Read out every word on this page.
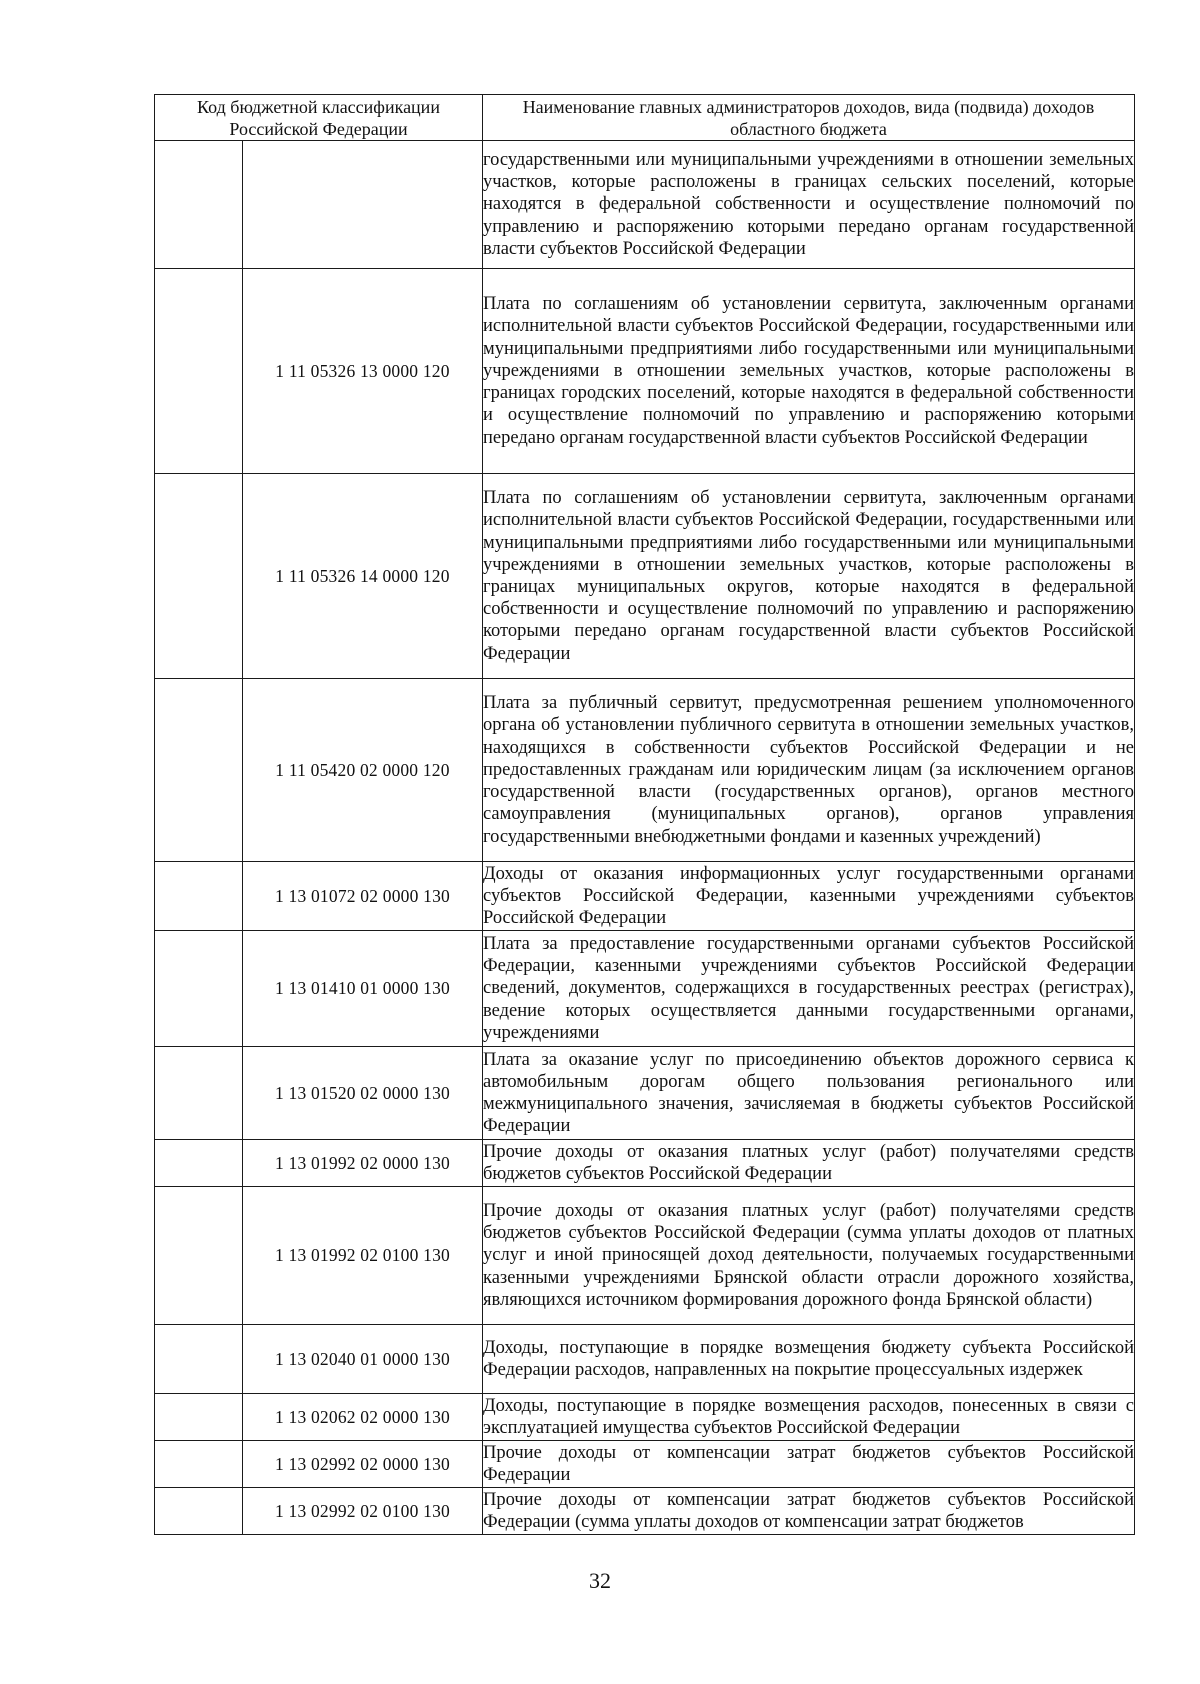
Код бюджетной классификации Российской Федерации		Наименование главных администраторов доходов, вида (подвида) доходов областного бюджета
		государственными или муниципальными учреждениями в отношении земельных участков, которые расположены в границах сельских поселений, которые находятся в федеральной собственности и осуществление полномочий по управлению и распоряжению которыми передано органам государственной власти субъектов Российской Федерации
	1 11 05326 13 0000 120	Плата по соглашениям об установлении сервитута, заключенным органами исполнительной власти субъектов Российской Федерации, государственными или муниципальными предприятиями либо государственными или муниципальными учреждениями в отношении земельных участков, которые расположены в границах городских поселений, которые находятся в федеральной собственности и осуществление полномочий по управлению и распоряжению которыми передано органам государственной власти субъектов Российской Федерации
	1 11 05326 14 0000 120	Плата по соглашениям об установлении сервитута, заключенным органами исполнительной власти субъектов Российской Федерации, государственными или муниципальными предприятиями либо государственными или муниципальными учреждениями в отношении земельных участков, которые расположены в границах муниципальных округов, которые находятся в федеральной собственности и осуществление полномочий по управлению и распоряжению которыми передано органам государственной власти субъектов Российской Федерации
	1 11 05420 02 0000 120	Плата за публичный сервитут, предусмотренная решением уполномоченного органа об установлении публичного сервитута в отношении земельных участков, находящихся в собственности субъектов Российской Федерации и не предоставленных гражданам или юридическим лицам (за исключением органов государственной власти (государственных органов), органов местного самоуправления (муниципальных органов), органов управления государственными внебюджетными фондами и казенных учреждений)
	1 13 01072 02 0000 130	Доходы от оказания информационных услуг государственными органами субъектов Российской Федерации, казенными учреждениями субъектов Российской Федерации
	1 13 01410 01 0000 130	Плата за предоставление государственными органами субъектов Российской Федерации, казенными учреждениями субъектов Российской Федерации сведений, документов, содержащихся в государственных реестрах (регистрах), ведение которых осуществляется данными государственными органами, учреждениями
	1 13 01520 02 0000 130	Плата за оказание услуг по присоединению объектов дорожного сервиса к автомобильным дорогам общего пользования регионального или межмуниципального значения, зачисляемая в бюджеты субъектов Российской Федерации
	1 13 01992 02 0000 130	Прочие доходы от оказания платных услуг (работ) получателями средств бюджетов субъектов Российской Федерации
	1 13 01992 02 0100 130	Прочие доходы от оказания платных услуг (работ) получателями средств бюджетов субъектов Российской Федерации (сумма уплаты доходов от платных услуг и иной приносящей доход деятельности, получаемых государственными казенными учреждениями Брянской области отрасли дорожного хозяйства, являющихся источником формирования дорожного фонда Брянской области)
	1 13 02040 01 0000 130	Доходы, поступающие в порядке возмещения бюджету субъекта Российской Федерации расходов, направленных на покрытие процессуальных издержек
	1 13 02062 02 0000 130	Доходы, поступающие в порядке возмещения расходов, понесенных в связи с эксплуатацией имущества субъектов Российской Федерации
	1 13 02992 02 0000 130	Прочие доходы от компенсации затрат бюджетов субъектов Российской Федерации
	1 13 02992 02 0100 130	Прочие доходы от компенсации затрат бюджетов субъектов Российской Федерации (сумма уплаты доходов от компенсации затрат бюджетов
32
